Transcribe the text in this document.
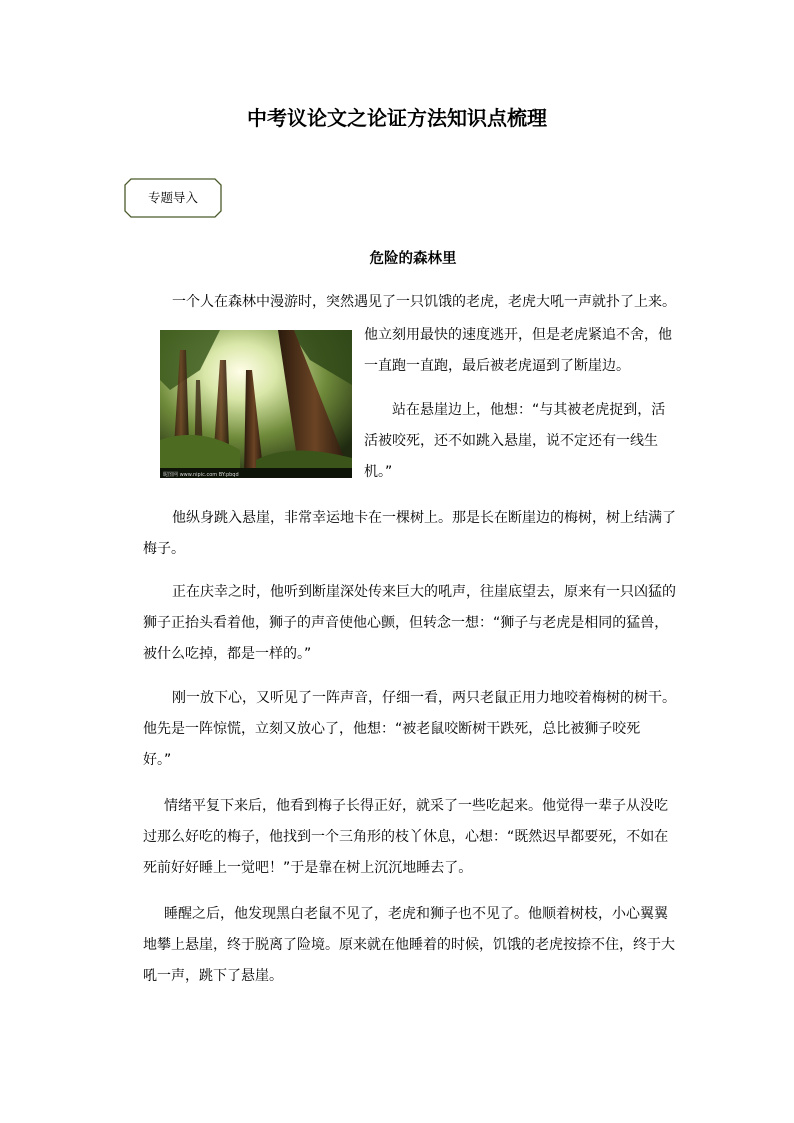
中考议论文之论证方法知识点梳理
专题导入
危险的森林里
一个人在森林中漫游时，突然遇见了一只饥饿的老虎，老虎大吼一声就扑了上来。
昵图网 www.nipic.com BY:pbqd
他立刻用最快的速度逃开，但是老虎紧追不舍，他
一直跑一直跑，最后被老虎逼到了断崖边。
站在悬崖边上，他想：“与其被老虎捉到，活
活被咬死，还不如跳入悬崖，说不定还有一线生
机。”
他纵身跳入悬崖，非常幸运地卡在一棵树上。那是长在断崖边的梅树，树上结满了
梅子。
正在庆幸之时，他听到断崖深处传来巨大的吼声，往崖底望去，原来有一只凶猛的
狮子正抬头看着他，狮子的声音使他心颤，但转念一想：“狮子与老虎是相同的猛兽，
被什么吃掉，都是一样的。”
刚一放下心，又听见了一阵声音，仔细一看，两只老鼠正用力地咬着梅树的树干。
他先是一阵惊慌，立刻又放心了，他想：“被老鼠咬断树干跌死，总比被狮子咬死
好。”
情绪平复下来后，他看到梅子长得正好，就采了一些吃起来。他觉得一辈子从没吃
过那么好吃的梅子，他找到一个三角形的枝丫休息，心想：“既然迟早都要死，不如在
死前好好睡上一觉吧！”于是靠在树上沉沉地睡去了。
睡醒之后，他发现黑白老鼠不见了，老虎和狮子也不见了。他顺着树枝，小心翼翼
地攀上悬崖，终于脱离了险境。原来就在他睡着的时候，饥饿的老虎按捺不住，终于大
吼一声，跳下了悬崖。
